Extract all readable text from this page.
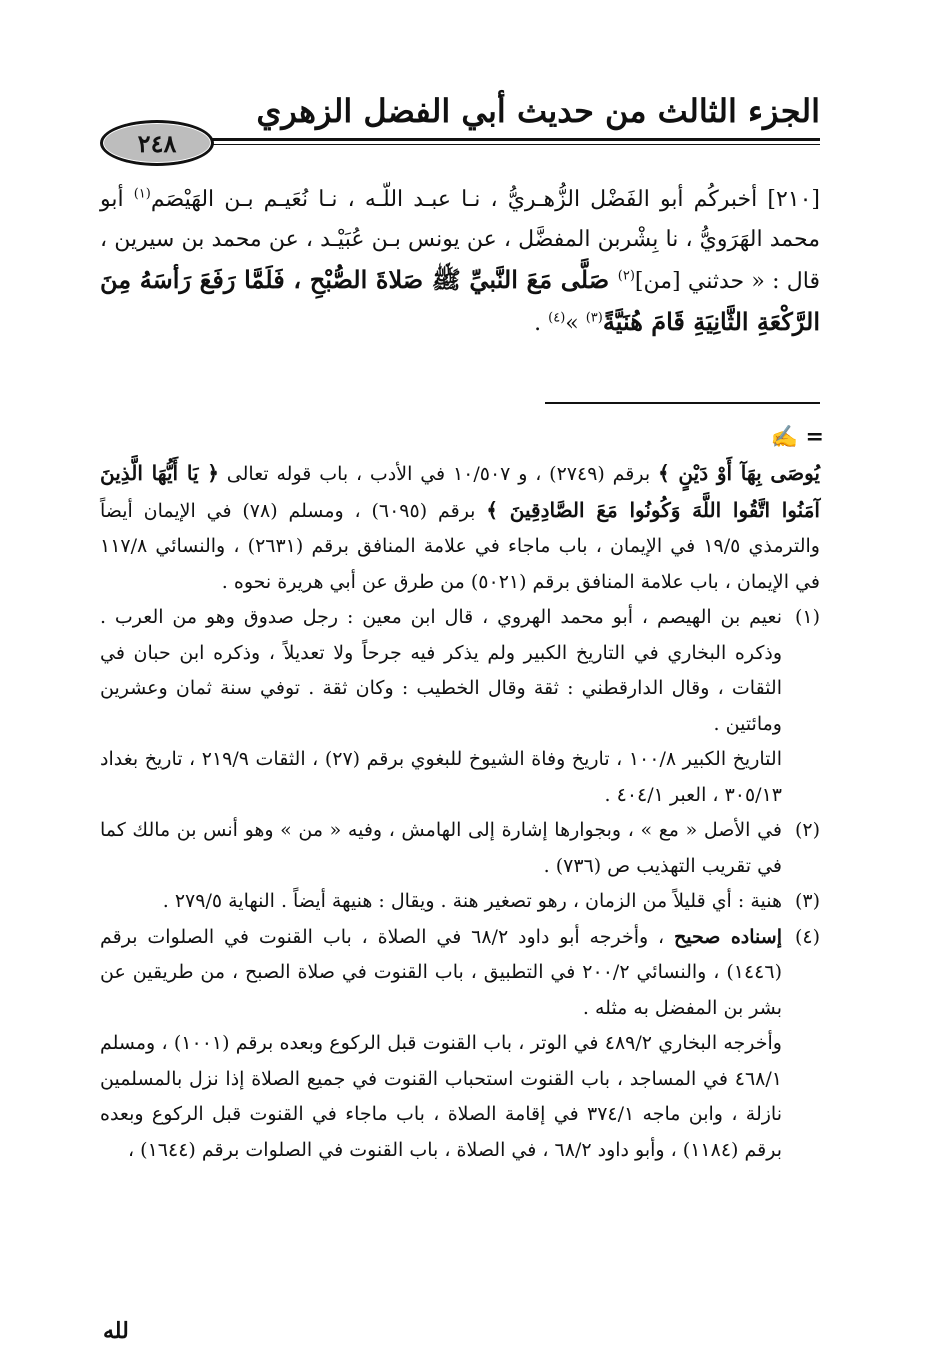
الجزء الثالث من حديث أبي الفضل الزهري
٢٤٨
[٢١٠] أخبركُم أبو الفَضْل الزُّهـريُّ ، نـا عبـد اللّـه ، نـا نُعَيـم بـن الهَيْصَم$^{(١)}$ أبو محمد الهَرَويُّ ، نا بِشْربن المفضَّل ، عن يونس بـن عُبَيْـد ، عن محمد بن سيرين ، قال : « حدثني [من]$^{(٢)}$ صَلَّى مَعَ النَّبيِّ ﷺ صَلاةَ الصُّبْحِ ، فَلَمَّا رَفَعَ رَأسَهُ مِنَ الرَّكْعَةِ الثَّانِيَةِ قَامَ هُنَيَّةً$^{(٣)}$ »$^{(٤)}$ .
= ✍

يُوصَى بِهَآ أَوْ دَيْنٍ ﴾ برقم (٢٧٤٩) ، و ١٠/٥٠٧ في الأدب ، باب قوله تعالى ﴿ يَا أَيُّهَا الَّذِينَ آمَنُوا اتَّقُوا اللَّهَ وَكُونُوا مَعَ الصَّادِقِينَ ﴾ برقم (٦٠٩٥) ، ومسلم (٧٨) في الإيمان أيضاً والترمذي ١٩/٥ في الإيمان ، باب ماجاء في علامة المنافق برقم (٢٦٣١) ، والنسائي ١١٧/٨ في الإيمان ، باب علامة المنافق برقم (٥٠٢١) من طرق عن أبي هريرة نحوه .

(١)

نعيم بن الهيصم ، أبو محمد الهروي ، قال ابن معين : رجل صدوق وهو من العرب . وذكره البخاري في التاريخ الكبير ولم يذكر فيه جرحاً ولا تعديلاً ، وذكره ابن حبان في الثقات ، وقال الدارقطني : ثقة وقال الخطيب : وكان ثقة . توفي سنة ثمان وعشرين ومائتين .

التاريخ الكبير ١٠٠/٨ ، تاريخ وفاة الشيوخ للبغوي برقم (٢٧) ، الثقات ٢١٩/٩ ، تاريخ بغداد ٣٠٥/١٣ ، العبر ٤٠٤/١ .

(٢)

في الأصل « مع » ، وبجوارها إشارة إلى الهامش ، وفيه « من » وهو أنس بن مالك كما في تقريب التهذيب ص (٧٣٦) .

(٣)

هنية : أي قليلاً من الزمان ، رهو تصغير هنة . ويقال : هنيهة أيضاً . النهاية ٢٧٩/٥ .

(٤)

إسناده صحيح ، وأخرجه أبو داود ٦٨/٢ في الصلاة ، باب القنوت في الصلوات برقم (١٤٤٦) ، والنسائي ٢٠٠/٢ في التطبيق ، باب القنوت في صلاة الصبح ، من طريقين عن بشر بن المفضل به مثله .

وأخرجه البخاري ٤٨٩/٢ في الوتر ، باب القنوت قبل الركوع وبعده برقم (١٠٠١) ، ومسلم ٤٦٨/١ في المساجد ، باب القنوت استحباب القنوت في جميع الصلاة إذا نزل بالمسلمين نازلة ، وابن ماجه ٣٧٤/١ في إقامة الصلاة ، باب ماجاء في القنوت قبل الركوع وبعده برقم (١١٨٤) ، وأبو داود ٦٨/٢ ، في الصلاة ، باب القنوت في الصلوات برقم (١٦٤٤) ،

لله
